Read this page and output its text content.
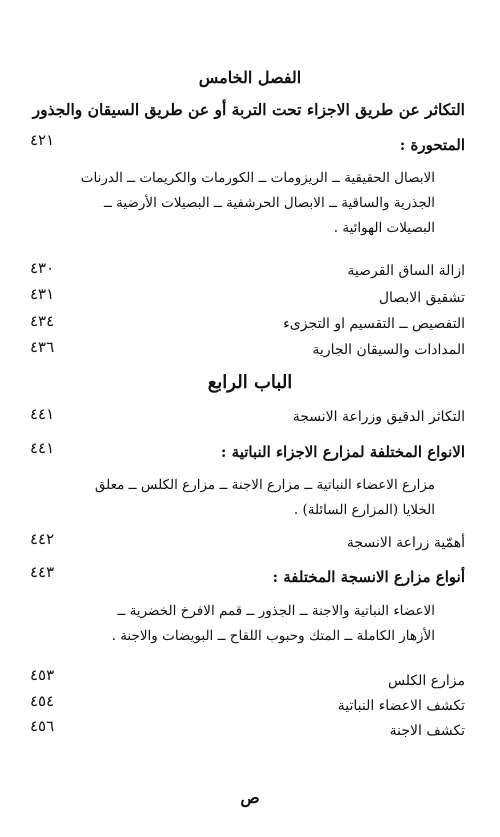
الفصل الخامس
التكاثر عن طريق الاجزاء تحت التربة أو عن طريق السيقان والجذور
المتحورة :
٤٢١
الابصال الحقيقية ــ الريزومات ــ الكورمات والكريمات ــ الدرنات
الجذرية والساقية ــ الابصال الحرشفية ــ البصيلات الأرضية ــ
البصيلات الهوائية .
ازالة الساق القرصية
٤٣٠
تشقيق الابصال
٤٣١
التفصيص ــ التقسيم او التجزىء
٤٣٤
المدادات والسيقان الجارية
٤٣٦
الباب الرابع
التكاثر الدقيق وزراعة الانسجة
٤٤١
الانواع المختلفة لمزارع الاجزاء النباتية :
٤٤١
مزارع الاعضاء النباتية ــ مزارع الاجنة ــ مزارع الكلس ــ معلق
الخلايا (المزارع السائلة) .
أهمّية زراعة الانسجة
٤٤٢
أنواع مزارع الانسجة المختلفة :
٤٤٣
الاعضاء النباتية والاجنة ــ الجذور ــ قمم الافرخ الخضرية ــ
الأزهار الكاملة ــ المتك وحبوب اللقاح ــ البويضات والاجنة .
مزارع الكلس
٤٥٣
تكشف الاعضاء النباتية
٤٥٤
تكشف الاجنة
٤٥٦
ص
